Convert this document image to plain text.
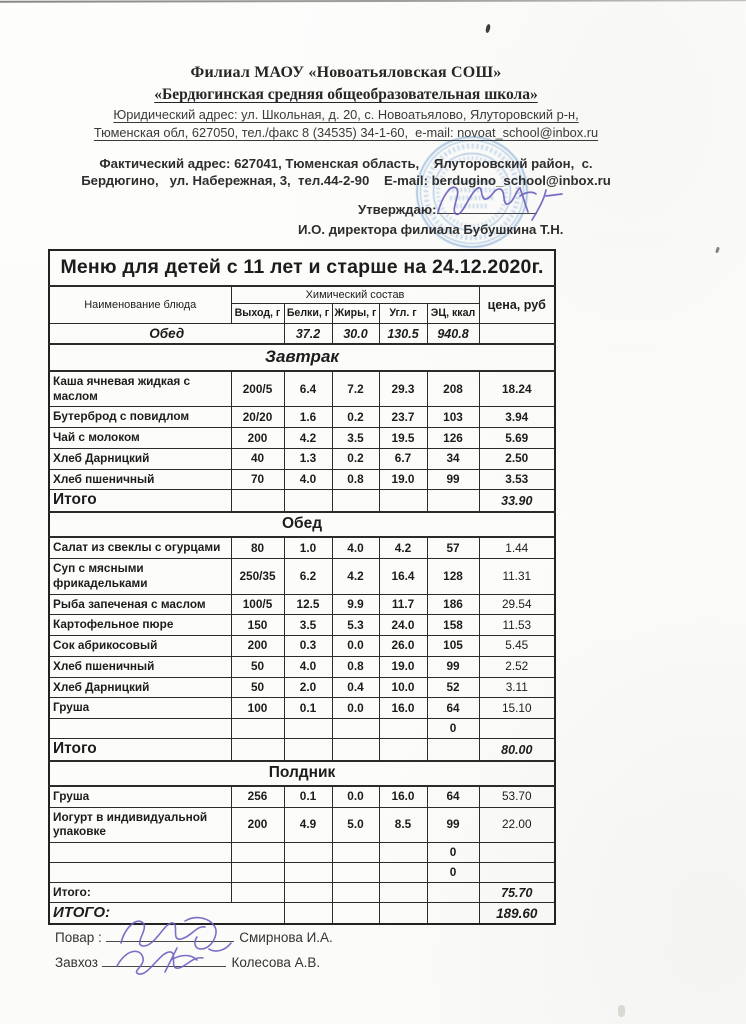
Филиал МАОУ «Новоатьяловская СОШ»
«Бердюгинская средняя общеобразовательная школа»
Юридический адрес: ул. Школьная, д. 20, с. Новоатьялово, Ялуторовский р-н,
Тюменская обл, 627050, тел./факс 8 (34535) 34-1-60,  e-mail: novoat_school@inbox.ru
Фактический адрес: 627041, Тюменская область,    Ялуторовский район,  с.
Бердюгино,   ул. Набережная, 3,  тел.44-2-90    E-mail: berdugino_school@inbox.ru
Утверждаю:
И.О. директора филиала Бубушкина Т.Н.
Меню для детей с 11 лет и старше на 24.12.2020г.						
Наименование блюда	Химический состав					цена, руб
	Выход, г	Белки, г	Жиры, г	Угл. г	ЭЦ, ккал	
Обед		37.2	30.0	130.5	940.8	
Завтрак						
Каша ячневая жидкая с маслом	200/5	6.4	7.2	29.3	208	18.24
Бутерброд с повидлом	20/20	1.6	0.2	23.7	103	3.94
Чай с молоком	200	4.2	3.5	19.5	126	5.69
Хлеб Дарницкий	40	1.3	0.2	6.7	34	2.50
Хлеб пшеничный	70	4.0	0.8	19.0	99	3.53
Итого						33.90
Обед						
Салат из свеклы с огурцами	80	1.0	4.0	4.2	57	1.44
Суп с мясными фрикадельками	250/35	6.2	4.2	16.4	128	11.31
Рыба запеченая с маслом	100/5	12.5	9.9	11.7	186	29.54
Картофельное пюре	150	3.5	5.3	24.0	158	11.53
Сок абрикосовый	200	0.3	0.0	26.0	105	5.45
Хлеб пшеничный	50	4.0	0.8	19.0	99	2.52
Хлеб Дарницкий	50	2.0	0.4	10.0	52	3.11
Груша	100	0.1	0.0	16.0	64	15.10
					0	
Итого						80.00
Полдник						
Груша	256	0.1	0.0	16.0	64	53.70
Иогурт в индивидуальной упаковке	200	4.9	5.0	8.5	99	22.00
					0	
					0	
Итого:						75.70
ИТОГО:						189.60
Повар :	Смирнова И.А.
Завхоз	Колесова А.В.
